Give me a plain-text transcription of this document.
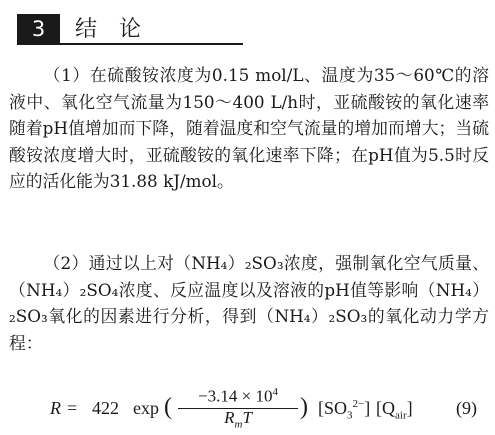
3	结论

（1）在硫酸铵浓度为0.15 mol/L、温度为35～60℃的溶液中、氧化空气流量为150～400 L/h时，亚硫酸铵的氧化速率随着pH值增加而下降，随着温度和空气流量的增加而增大；当硫酸铵浓度增大时，亚硫酸铵的氧化速率下降；在pH值为5.5时反应的活化能为31.88 kJ/mol。

（2）通过以上对（NH₄）₂SO₃浓度，强制氧化空气质量、（NH₄）₂SO₄浓度、反应温度以及溶液的pH值等影响（NH₄）₂SO₃氧化的因素进行分析，得到（NH₄）₂SO₃的氧化动力学方程：

R = 422 exp (	$-3.14 \times 10^4$
$R_mT$	) $[SO_3^{2-}]$ $[Q_{air}]$ (9)
